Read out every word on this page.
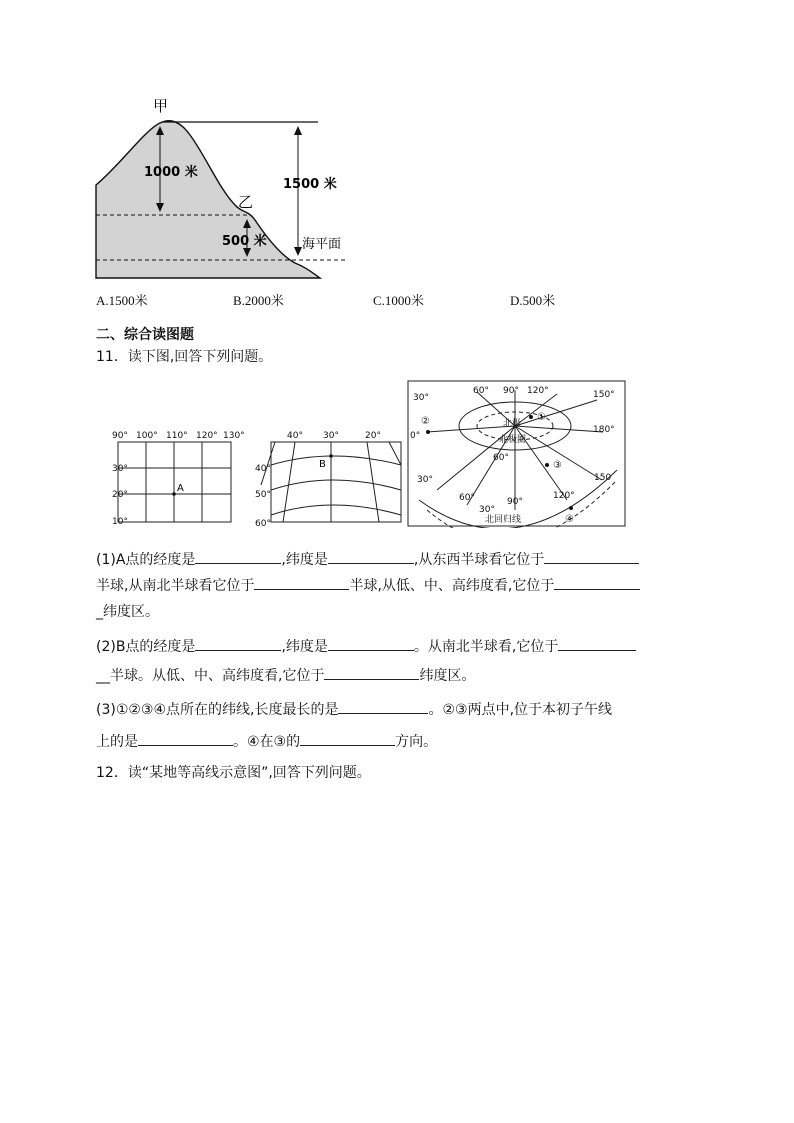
甲
乙
1000 米
1500 米
500 米	海平面
A.1500米	B.2000米	C.1000米	D.500米
二、综合读图题
11．读下图,回答下列问题。
90° 100° 110° 120° 130°
30°
20°
10°
A
40° 30°	20°
40°
50°
60°
B
30°
60° 90° 120°	150°
0°
180°
60°
30°
60°	90°
120°
30°
150
北极
北极圈
北回归线
①
②
③
④
(1)A点的经度是	,纬度是	,从东西半球看它位于
半球,从南北半球看它位于	半球,从低、中、高纬度看,它位于
_纬度区。
(2)B点的经度是	,纬度是	。从南北半球看,它位于
__半球。从低、中、高纬度看,它位于	纬度区。
(3)①②③④点所在的纬线,长度最长的是	。②③两点中,位于本初子午线
上的是	。④在③的	方向。
12．读“某地等高线示意图”,回答下列问题。
